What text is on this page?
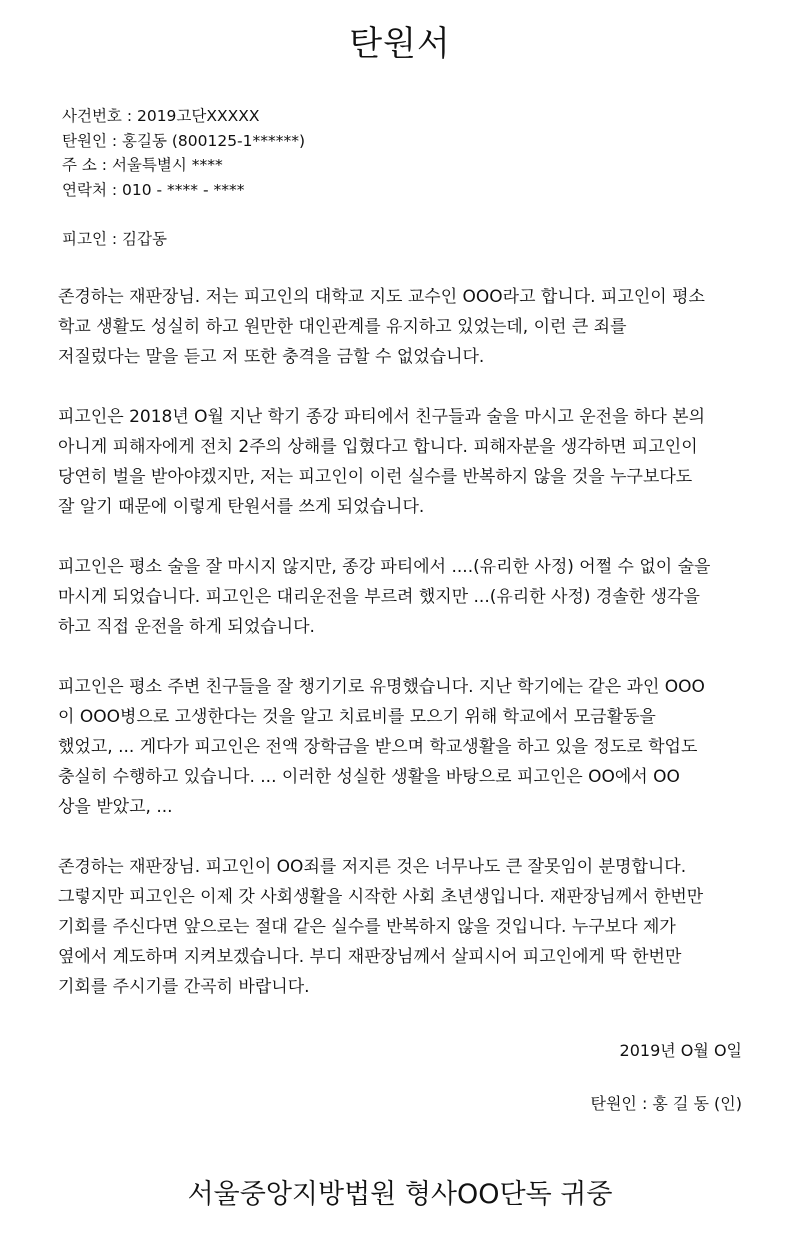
탄원서
사건번호 : 2019고단XXXXX
탄원인 : 홍길동 (800125-1******)
주 소 : 서울특별시 ****
연락처 : 010 - **** - ****
피고인 : 김갑동
존경하는 재판장님. 저는 피고인의 대학교 지도 교수인 OOO라고 합니다. 피고인이 평소
학교 생활도 성실히 하고 원만한 대인관계를 유지하고 있었는데, 이런 큰 죄를
저질렀다는 말을 듣고 저 또한 충격을 금할 수 없었습니다.
피고인은 2018년 O월 지난 학기 종강 파티에서 친구들과 술을 마시고 운전을 하다 본의
아니게 피해자에게 전치 2주의 상해를 입혔다고 합니다. 피해자분을 생각하면 피고인이
당연히 벌을 받아야겠지만, 저는 피고인이 이런 실수를 반복하지 않을 것을 누구보다도
잘 알기 때문에 이렇게 탄원서를 쓰게 되었습니다.
피고인은 평소 술을 잘 마시지 않지만, 종강 파티에서 ....(유리한 사정) 어쩔 수 없이 술을
마시게 되었습니다. 피고인은 대리운전을 부르려 했지만 ...(유리한 사정) 경솔한 생각을
하고 직접 운전을 하게 되었습니다.
피고인은 평소 주변 친구들을 잘 챙기기로 유명했습니다. 지난 학기에는 같은 과인 OOO
이 OOO병으로 고생한다는 것을 알고 치료비를 모으기 위해 학교에서 모금활동을
했었고, ... 게다가 피고인은 전액 장학금을 받으며 학교생활을 하고 있을 정도로 학업도
충실히 수행하고 있습니다. ... 이러한 성실한 생활을 바탕으로 피고인은 OO에서 OO
상을 받았고, ...
존경하는 재판장님. 피고인이 OO죄를 저지른 것은 너무나도 큰 잘못임이 분명합니다.
그렇지만 피고인은 이제 갓 사회생활을 시작한 사회 초년생입니다. 재판장님께서 한번만
기회를 주신다면 앞으로는 절대 같은 실수를 반복하지 않을 것입니다. 누구보다 제가
옆에서 계도하며 지켜보겠습니다. 부디 재판장님께서 살피시어 피고인에게 딱 한번만
기회를 주시기를 간곡히 바랍니다.
2019년 O월 O일
탄원인 : 홍 길 동 (인)
서울중앙지방법원 형사OO단독 귀중
